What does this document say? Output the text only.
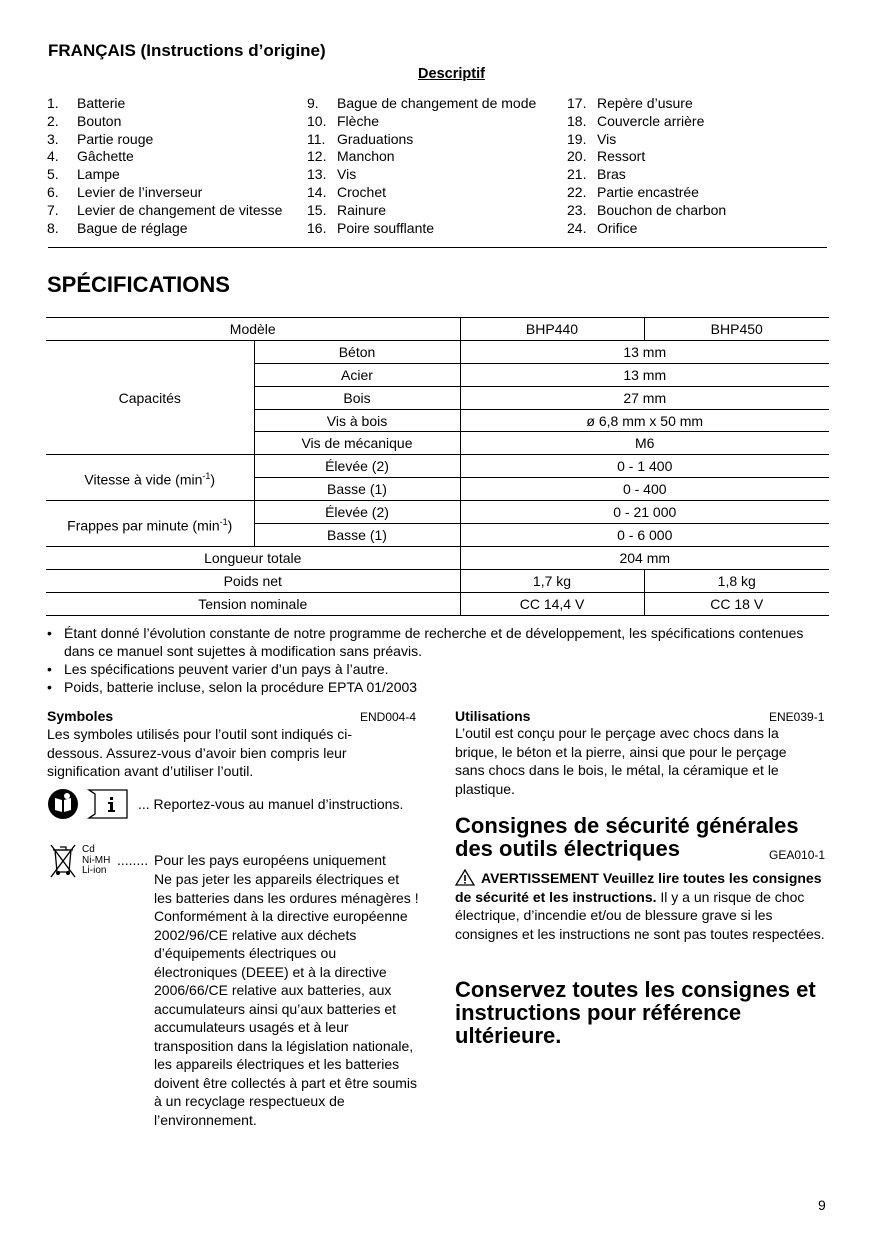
FRANÇAIS (Instructions d’origine)
Descriptif
1.	Batterie
2.	Bouton
3.	Partie rouge
4.	Gâchette
5.	Lampe
6.	Levier de l’inverseur
7.	Levier de changement de vitesse
8.	Bague de réglage
9.	Bague de changement de mode
10. Flèche
11. Graduations
12. Manchon
13. Vis
14. Crochet
15. Rainure
16. Poire soufflante
17. Repère d’usure
18. Couvercle arrière
19. Vis
20. Ressort
21. Bras
22. Partie encastrée
23. Bouchon de charbon
24. Orifice
SPÉCIFICATIONS
Modèle		BHP440	BHP450
Capacités	Béton	13 mm	
	Acier	13 mm	
	Bois	27 mm	
	Vis à bois	ø 6,8 mm x 50 mm	
	Vis de mécanique	M6	
Vitesse à vide $(\min^{-1})$	Élevée (2)	0 - 1 400	
	Basse (1)	0 - 400	
Frappes par minute $(\min^{-1})$	Élevée (2)	0 - 21 000	
	Basse (1)	0 - 6 000	
Longueur totale		204 mm	
Poids net		1,7 kg	1,8 kg
Tension nominale		CC 14,4 V	CC 18 V
• Étant donné l’évolution constante de notre programme de recherche et de développement, les spécifications contenues dans ce manuel sont sujettes à modification sans préavis.
• Les spécifications peuvent varier d’un pays à l’autre.
• Poids, batterie incluse, selon la procédure EPTA 01/2003
Symboles	END004-4
Les symboles utilisés pour l’outil sont indiqués ci-dessous. Assurez-vous d’avoir bien compris leur signification avant d’utiliser l’outil.
... Reportez-vous au manuel d’instructions.
Cd
Ni-MH
Li-ion
........ Pour les pays européens uniquement
Ne pas jeter les appareils électriques et les batteries dans les ordures ménagères ! Conformément à la directive européenne 2002/96/CE relative aux déchets d’équipements électriques ou électroniques (DEEE) et à la directive 2006/66/CE relative aux batteries, aux accumulateurs ainsi qu’aux batteries et accumulateurs usagés et à leur transposition dans la législation nationale, les appareils électriques et les batteries doivent être collectés à part et être soumis à un recyclage respectueux de l’environnement.
Utilisations	ENE039-1
L’outil est conçu pour le perçage avec chocs dans la brique, le béton et la pierre, ainsi que pour le perçage sans chocs dans le bois, le métal, la céramique et le plastique.
Consignes de sécurité générales
des outils électriques	GEA010-1
AVERTISSEMENT Veuillez lire toutes les consignes de sécurité et les instructions. Il y a un risque de choc électrique, d’incendie et/ou de blessure grave si les consignes et les instructions ne sont pas toutes respectées.
Conservez toutes les consignes et instructions pour référence ultérieure.
9
